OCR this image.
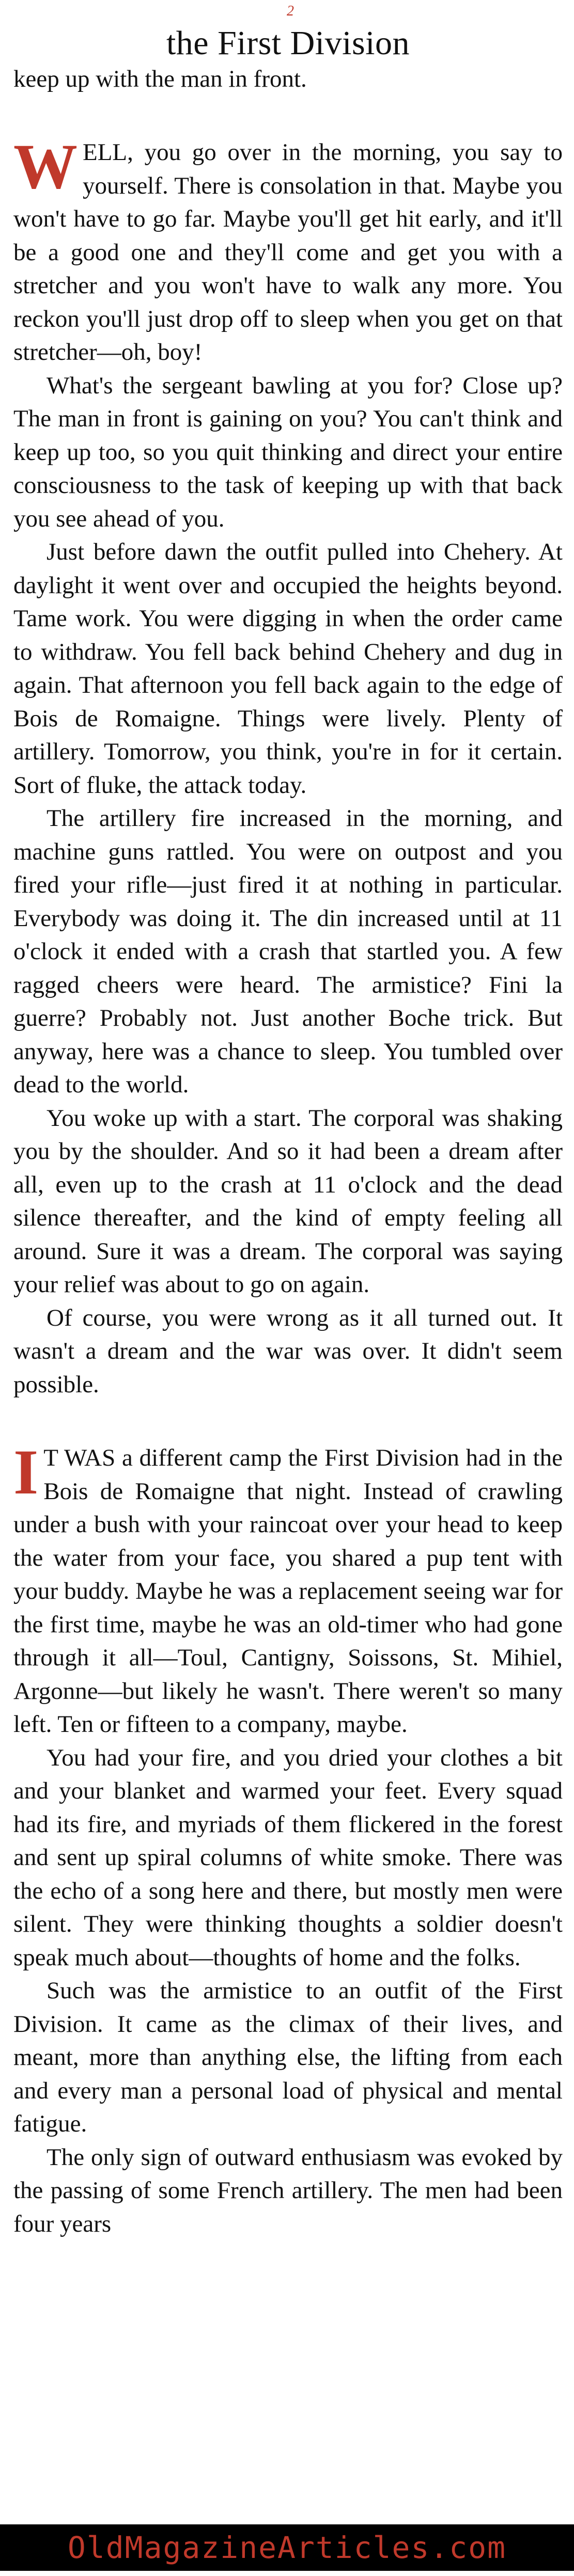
2
the First Division

keep up with the man in front.

WELL, you go over in the morning, you say to yourself. There is consolation in that. Maybe you won't have to go far. Maybe you'll get hit early, and it'll be a good one and they'll come and get you with a stretcher and you won't have to walk any more. You reckon you'll just drop off to sleep when you get on that stretcher—oh, boy!

What's the sergeant bawling at you for? Close up? The man in front is gaining on you? You can't think and keep up too, so you quit thinking and direct your entire consciousness to the task of keeping up with that back you see ahead of you.

Just before dawn the outfit pulled into Chehery. At daylight it went over and occupied the heights beyond. Tame work. You were digging in when the order came to withdraw. You fell back behind Chehery and dug in again. That afternoon you fell back again to the edge of Bois de Romaigne. Things were lively. Plenty of artillery. Tomorrow, you think, you're in for it certain. Sort of fluke, the attack today.

The artillery fire increased in the morning, and machine guns rattled. You were on outpost and you fired your rifle—just fired it at nothing in particular. Everybody was doing it. The din increased until at 11 o'clock it ended with a crash that startled you. A few ragged cheers were heard. The armistice? Fini la guerre? Probably not. Just another Boche trick. But anyway, here was a chance to sleep. You tumbled over dead to the world.

You woke up with a start. The corporal was shaking you by the shoulder. And so it had been a dream after all, even up to the crash at 11 o'clock and the dead silence thereafter, and the kind of empty feeling all around. Sure it was a dream. The corporal was saying your relief was about to go on again.

Of course, you were wrong as it all turned out. It wasn't a dream and the war was over. It didn't seem possible.

I T WAS a different camp the First Division had in the Bois de Romaigne that night. Instead of crawling under a bush with your raincoat over your head to keep the water from your face, you shared a pup tent with your buddy. Maybe he was a replacement seeing war for the first time, maybe he was an old-timer who had gone through it all—Toul, Cantigny, Soissons, St. Mihiel, Argonne—but likely he wasn't. There weren't so many left. Ten or fifteen to a company, maybe.

You had your fire, and you dried your clothes a bit and your blanket and warmed your feet. Every squad had its fire, and myriads of them flickered in the forest and sent up spiral columns of white smoke. There was the echo of a song here and there, but mostly men were silent. They were thinking thoughts a soldier doesn't speak much about—thoughts of home and the folks.

Such was the armistice to an outfit of the First Division. It came as the climax of their lives, and meant, more than anything else, the lifting from each and every man a personal load of physical and mental fatigue.

The only sign of outward enthusiasm was evoked by the passing of some French artillery. The men had been four years

OldMagazineArticles.com
